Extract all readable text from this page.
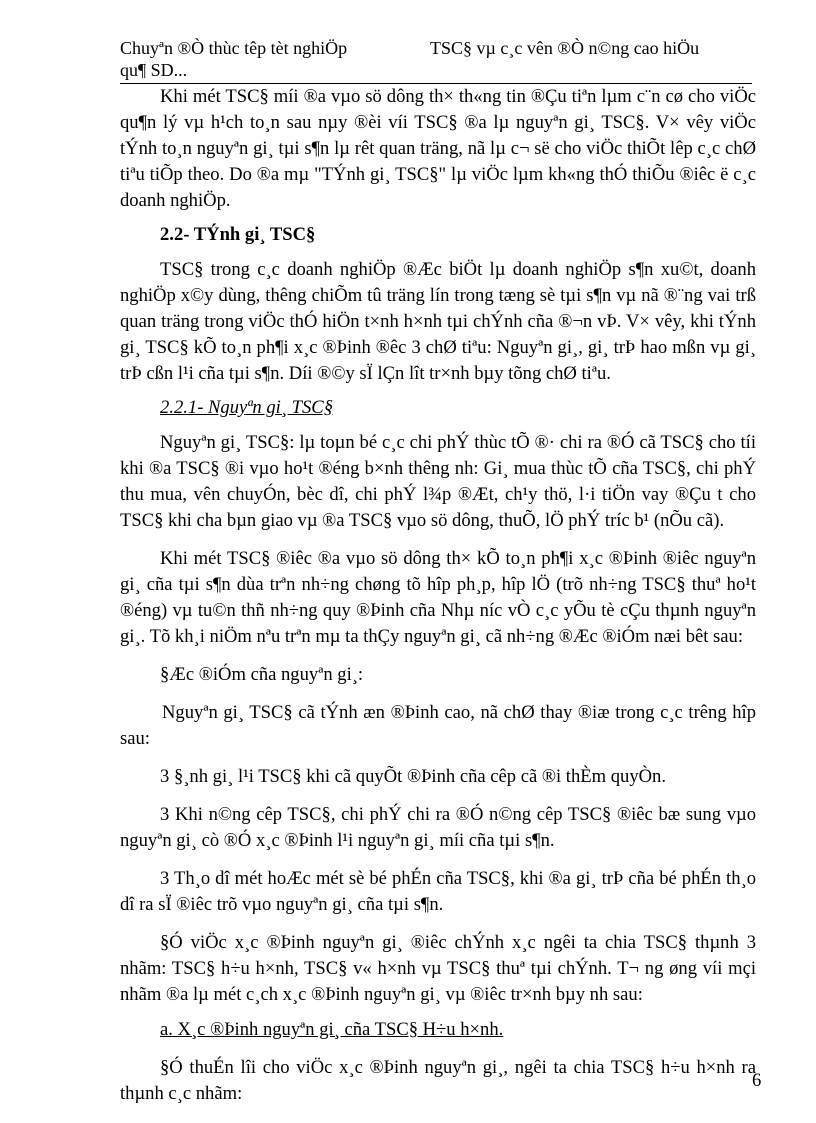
Chuyªn ®Ò thùc têp tèt nghiÖp	TSC§ vµ c¸c vên ®Ò n©ng cao hiÖu
qu¶ SD...

Khi mét TSC§ míi ®a vµo sö dông th× th«ng tin ®Çu tiªn lµm c¨n cø cho viÖc qu¶n lý vµ h¹ch to¸n sau nµy ®èi víi TSC§ ®a lµ nguyªn gi¸ TSC§. V× vêy viÖc tÝnh to¸n nguyªn gi¸ tµi s¶n lµ rêt quan träng, nã lµ c¬ së cho viÖc thiÕt lêp c¸c chØ tiªu tiÕp theo. Do ®a mµ "TÝnh gi¸ TSC§" lµ viÖc lµm kh«ng thÓ thiÕu ®iêc ë c¸c doanh nghiÖp.

2.2- TÝnh gi¸ TSC§

TSC§ trong c¸c doanh nghiÖp ®Æc biÖt lµ doanh nghiÖp s¶n xu©t, doanh nghiÖp x©y dùng, thêng chiÕm tû träng lín trong tæng sè tµi s¶n vµ nã ®¨ng vai trß quan träng trong viÖc thÓ hiÖn t×nh h×nh tµi chÝnh cña ®¬n vÞ. V× vêy, khi tÝnh gi¸ TSC§ kÕ to¸n ph¶i x¸c ®Þinh ®êc 3 chØ tiªu: Nguyªn gi¸, gi¸ trÞ hao mßn vµ gi¸ trÞ cßn l¹i cña tµi s¶n. Díi ®©y sÏ lÇn lît tr×nh bµy tõng chØ tiªu.

2.2.1- Nguyªn gi¸ TSC§

Nguyªn gi¸ TSC§: lµ toµn bé c¸c chi phÝ thùc tÕ ®· chi ra ®Ó cã TSC§ cho tíi khi ®a TSC§ ®i vµo ho¹t ®éng b×nh thêng nh: Gi¸ mua thùc tÕ cña TSC§, chi phÝ thu mua, vên chuyÓn, bèc dî, chi phÝ l¾p ®Æt, ch¹y thö, l·i tiÖn vay ®Çu t cho TSC§ khi cha bµn giao vµ ®a TSC§ vµo sö dông, thuÕ, lÖ phÝ tríc b¹ (nÕu cã).

Khi mét TSC§ ®iêc ®a vµo sö dông th× kÕ to¸n ph¶i x¸c ®Þinh ®iêc nguyªn gi¸ cña tµi s¶n dùa trªn nh÷ng chøng tõ hîp ph¸p, hîp lÖ (trõ nh÷ng TSC§ thuª ho¹t ®éng) vµ tu©n thñ nh÷ng quy ®Þinh cña Nhµ níc vÒ c¸c yÕu tè cÇu thµnh nguyªn gi¸. Tõ kh¸i niÖm nªu trªn mµ ta thÇy nguyªn gi¸ cã nh÷ng ®Æc ®iÓm næi bêt sau:

§Æc ®iÓm cña nguyªn gi¸:

Nguyªn gi¸ TSC§ cã tÝnh æn ®Þinh cao, nã chØ thay ®iæ trong c¸c trêng hîp sau:

3 §¸nh gi¸ l¹i TSC§ khi cã quyÕt ®Þinh cña cêp cã ®i thÈm quyÒn.

3 Khi n©ng cêp TSC§, chi phÝ chi ra ®Ó n©ng cêp TSC§ ®iêc bæ sung vµo nguyªn gi¸ cò ®Ó x¸c ®Þinh l¹i nguyªn gi¸ míi cña tµi s¶n.

3 Th¸o dî mét hoÆc mét sè bé phÉn cña TSC§, khi ®a gi¸ trÞ cña bé phÉn th¸o dî ra sÏ ®iêc trõ vµo nguyªn gi¸ cña tµi s¶n.

§Ó viÖc x¸c ®Þinh nguyªn gi¸ ®iêc chÝnh x¸c ngêi ta chia TSC§ thµnh 3 nhãm: TSC§ h÷u h×nh, TSC§ v« h×nh vµ TSC§ thuª tµi chÝnh. T¬ ng øng víi mçi nhãm ®a lµ mét c¸ch x¸c ®Þinh nguyªn gi¸ vµ ®iêc tr×nh bµy nh sau:

a. X¸c ®Þinh nguyªn gi¸ cña TSC§ H÷u h×nh.

§Ó thuÉn lîi cho viÖc x¸c ®Þinh nguyªn gi¸, ngêi ta chia TSC§ h÷u h×nh ra thµnh c¸c nhãm:

6
